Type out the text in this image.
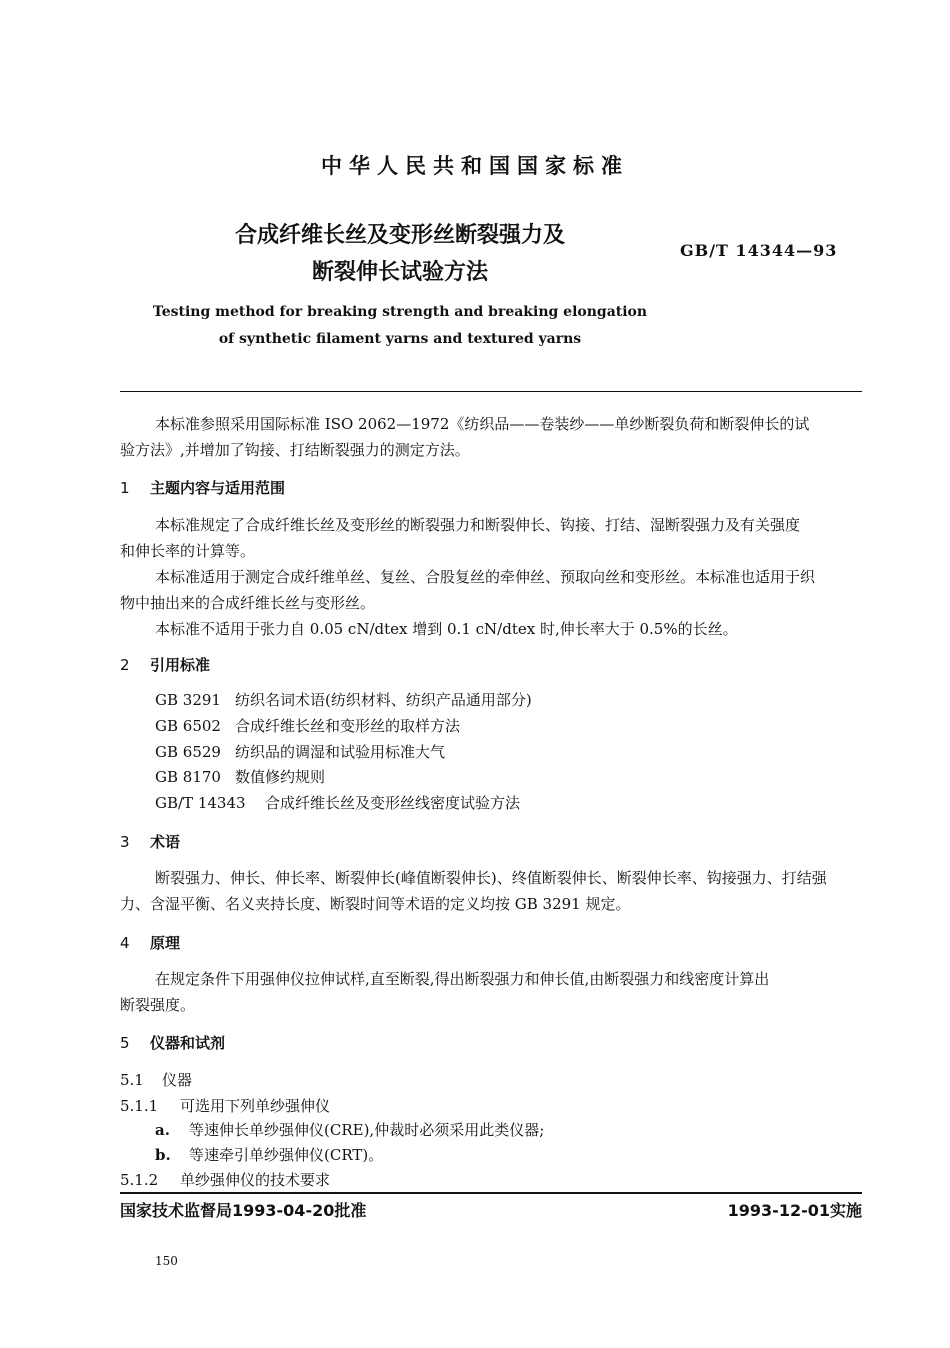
中华人民共和国国家标准
合成纤维长丝及变形丝断裂强力及
断裂伸长试验方法
GB/T 14344—93
Testing method for breaking strength and breaking elongation
of synthetic filament yarns and textured yarns
本标准参照采用国际标准 ISO 2062—1972《纺织品——卷装纱——单纱断裂负荷和断裂伸长的试
验方法》,并增加了钩接、打结断裂强力的测定方法。
1 主题内容与适用范围
本标准规定了合成纤维长丝及变形丝的断裂强力和断裂伸长、钩接、打结、湿断裂强力及有关强度
和伸长率的计算等。
本标准适用于测定合成纤维单丝、复丝、合股复丝的牵伸丝、预取向丝和变形丝。本标准也适用于织
物中抽出来的合成纤维长丝与变形丝。
本标准不适用于张力自 0.05 cN/dtex 增到 0.1 cN/dtex 时,伸长率大于 0.5%的长丝。
2 引用标准
GB 3291 纺织名词术语(纺织材料、纺织产品通用部分)
GB 6502 合成纤维长丝和变形丝的取样方法
GB 6529 纺织品的调湿和试验用标准大气
GB 8170 数值修约规则
GB/T 14343 合成纤维长丝及变形丝线密度试验方法
3 术语
断裂强力、伸长、伸长率、断裂伸长(峰值断裂伸长)、终值断裂伸长、断裂伸长率、钩接强力、打结强
力、含湿平衡、名义夹持长度、断裂时间等术语的定义均按 GB 3291 规定。
4 原理
在规定条件下用强伸仪拉伸试样,直至断裂,得出断裂强力和伸长值,由断裂强力和线密度计算出
断裂强度。
5 仪器和试剂
5.1 仪器
5.1.1 可选用下列单纱强伸仪
a. 等速伸长单纱强伸仪(CRE),仲裁时必须采用此类仪器;
b. 等速牵引单纱强伸仪(CRT)。
5.1.2 单纱强伸仪的技术要求
国家技术监督局1993-04-20批准	1993-12-01实施
150
